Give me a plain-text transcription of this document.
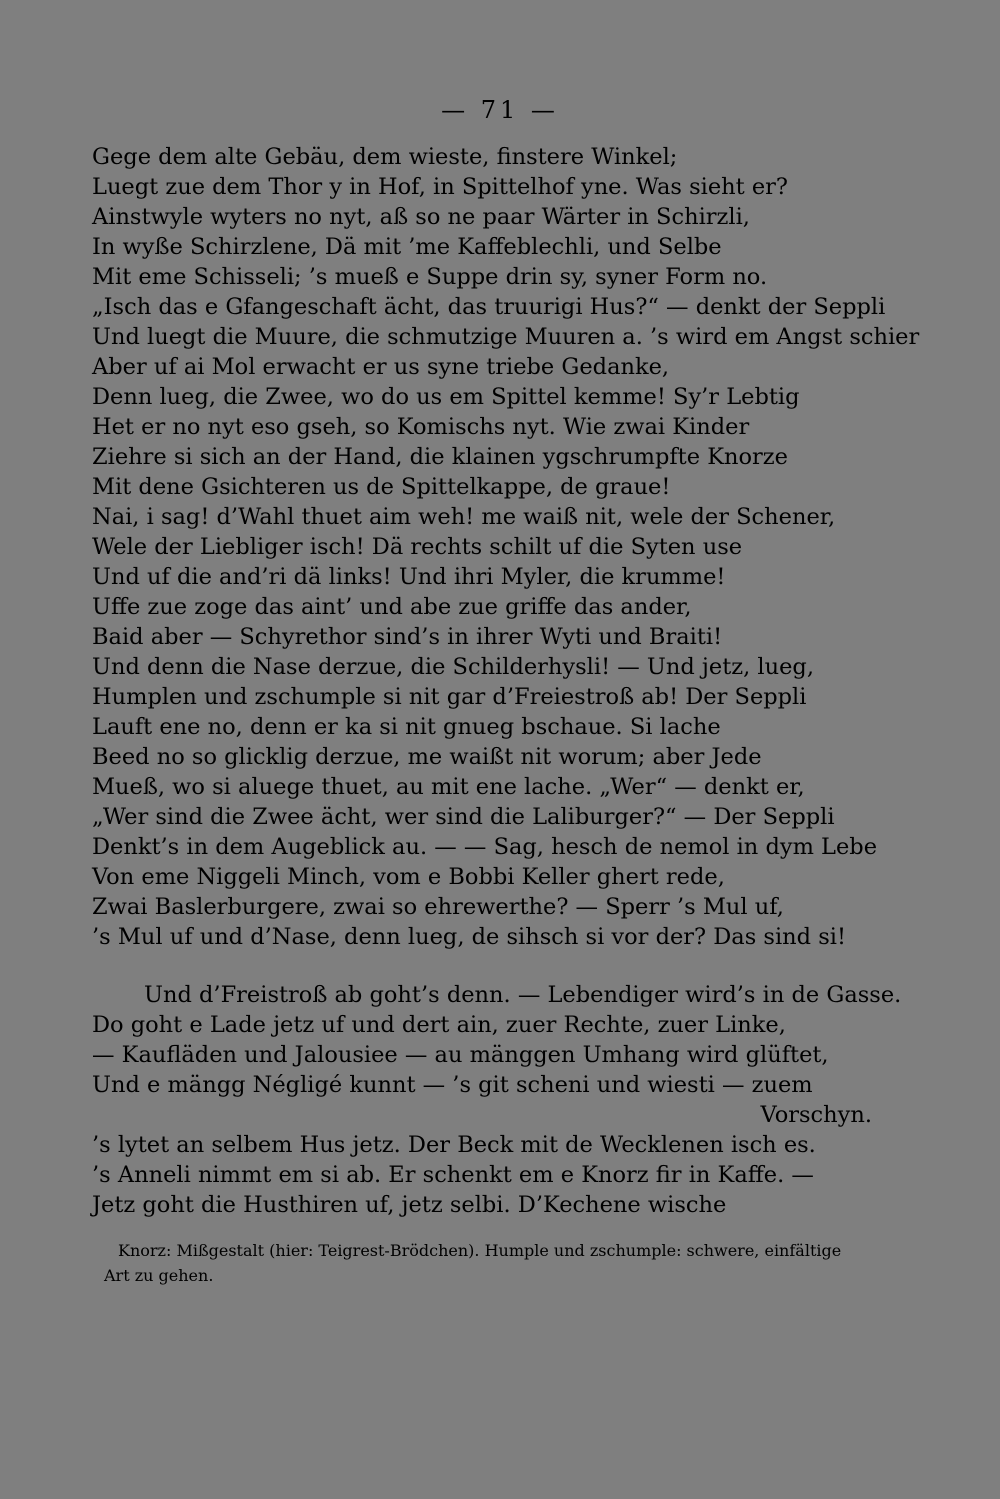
— 71 —
Gege dem alte Gebäu, dem wieste, finstere Winkel;
Luegt zue dem Thor y in Hof, in Spittelhof yne. Was sieht er?
Ainstwyle wyters no nyt, aß so ne paar Wärter in Schirzli,
In wyße Schirzlene, Dä mit ’me Kaffeblechli, und Selbe
Mit eme Schisseli; ’s mueß e Suppe drin sy, syner Form no.
„Isch das e Gfangeschaft ächt, das truurigi Hus?“ — denkt der Seppli
Und luegt die Muure, die schmutzige Muuren a. ’s wird em Angst schier
Aber uf ai Mol erwacht er us syne triebe Gedanke,
Denn lueg, die Zwee, wo do us em Spittel kemme! Sy’r Lebtig
Het er no nyt eso gseh, so Komischs nyt. Wie zwai Kinder
Ziehre si sich an der Hand, die klainen ygschrumpfte Knorze
Mit dene Gsichteren us de Spittelkappe, de graue!
Nai, i sag! d’Wahl thuet aim weh! me waiß nit, wele der Schener,
Wele der Liebliger isch! Dä rechts schilt uf die Syten use
Und uf die and’ri dä links! Und ihri Myler, die krumme!
Uffe zue zoge das aint’ und abe zue griffe das ander,
Baid aber — Schyrethor sind’s in ihrer Wyti und Braiti!
Und denn die Nase derzue, die Schilderhysli! — Und jetz, lueg,
Humplen und zschumple si nit gar d’Freiestroß ab! Der Seppli
Lauft ene no, denn er ka si nit gnueg bschaue. Si lache
Beed no so glicklig derzue, me waißt nit worum; aber Jede
Mueß, wo si aluege thuet, au mit ene lache. „Wer“ — denkt er,
„Wer sind die Zwee ächt, wer sind die Laliburger?“ — Der Seppli
Denkt’s in dem Augeblick au. — — Sag, hesch de nemol in dym Lebe
Von eme Niggeli Minch, vom e Bobbi Keller ghert rede,
Zwai Baslerburgere, zwai so ehrewerthe? — Sperr ’s Mul uf,
’s Mul uf und d’Nase, denn lueg, de sihsch si vor der? Das sind si!
Und d’Freistroß ab goht’s denn. — Lebendiger wird’s in de Gasse.
Do goht e Lade jetz uf und dert ain, zuer Rechte, zuer Linke,
— Kaufläden und Jalousiee — au mänggen Umhang wird glüftet,
Und e mängg Négligé kunnt — ’s git scheni und wiesti — zuem
Vorschyn.
’s lytet an selbem Hus jetz. Der Beck mit de Wecklenen isch es.
’s Anneli nimmt em si ab. Er schenkt em e Knorz fir in Kaffe. —
Jetz goht die Husthiren uf, jetz selbi. D’Kechene wische
Knorz: Mißgestalt (hier: Teigrest-Brödchen). Humple und zschumple: schwere, einfältige
Art zu gehen.
